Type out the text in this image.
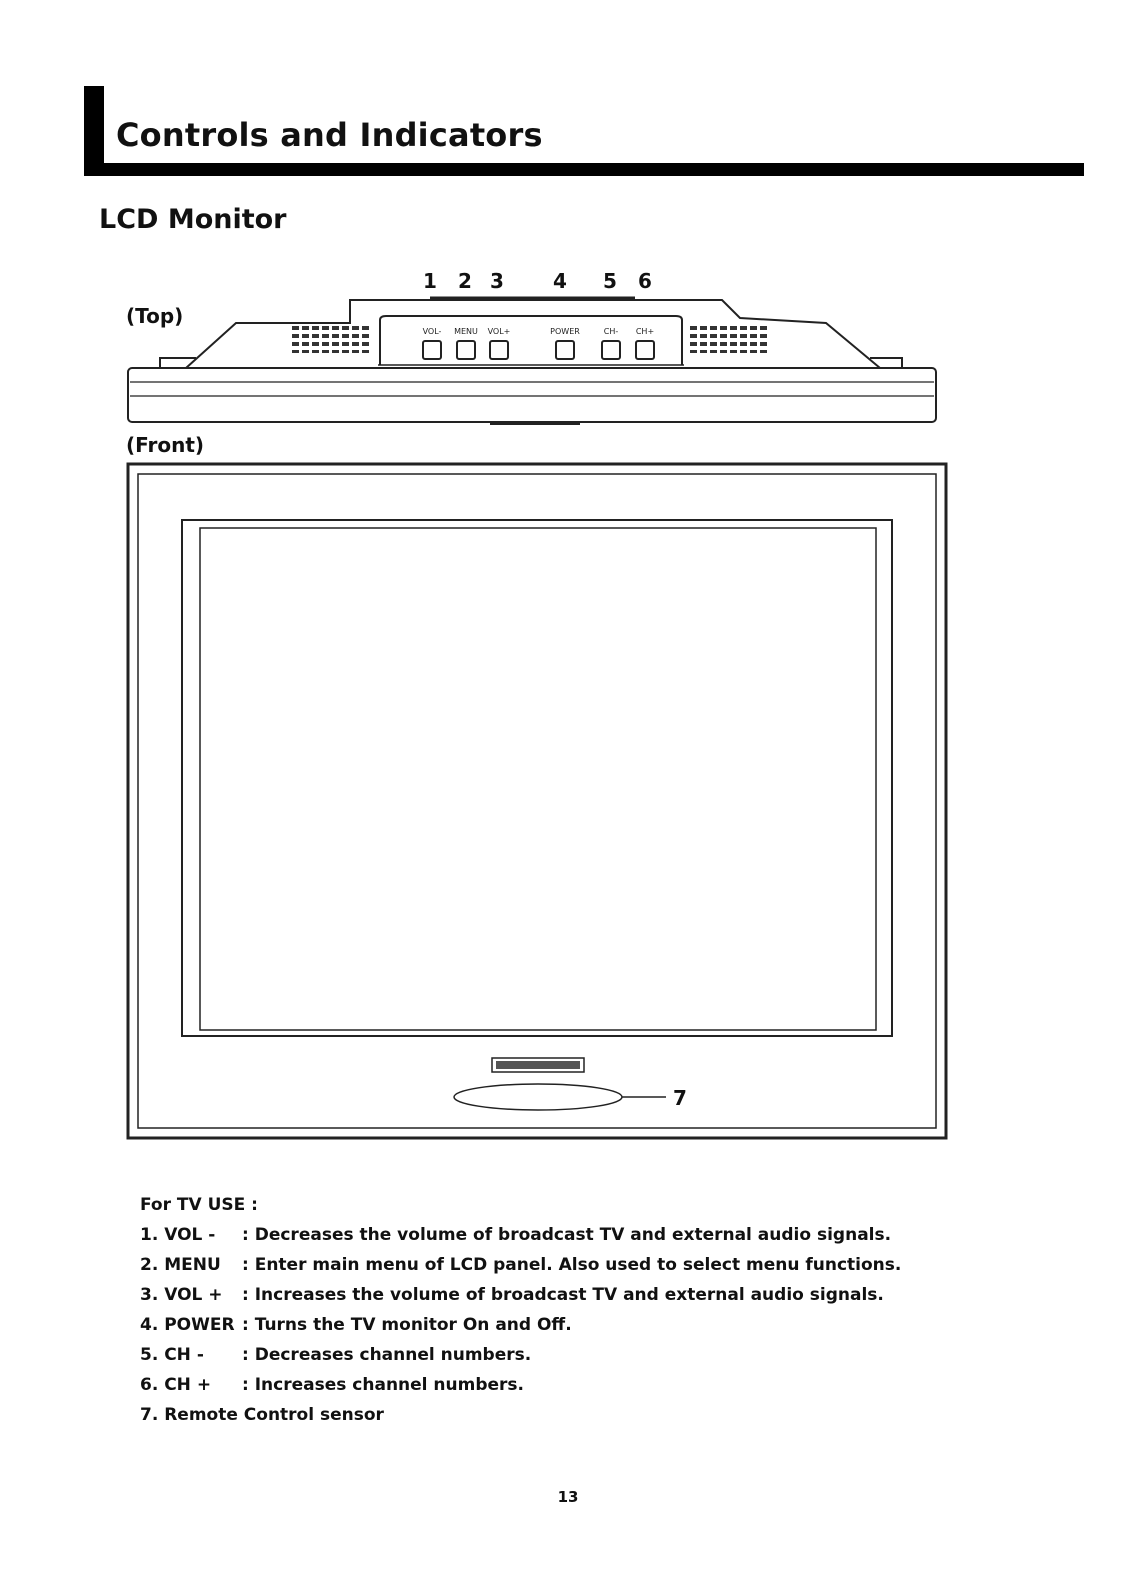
Controls and Indicators
LCD Monitor
1 2 3 4 5 6
(Top)
(Front)
VOL- MENU VOL+	POWER	CH- CH+
7
For TV USE :
1. VOL - : Decreases the volume of broadcast TV and external audio signals.
2. MENU : Enter main menu of LCD panel. Also used to select menu functions.
3. VOL + : Increases the volume of broadcast TV and external audio signals.
4. POWER : Turns the TV monitor On and Off.
5. CH - : Decreases channel numbers.
6. CH + : Increases channel numbers.
7. Remote Control sensor
13
